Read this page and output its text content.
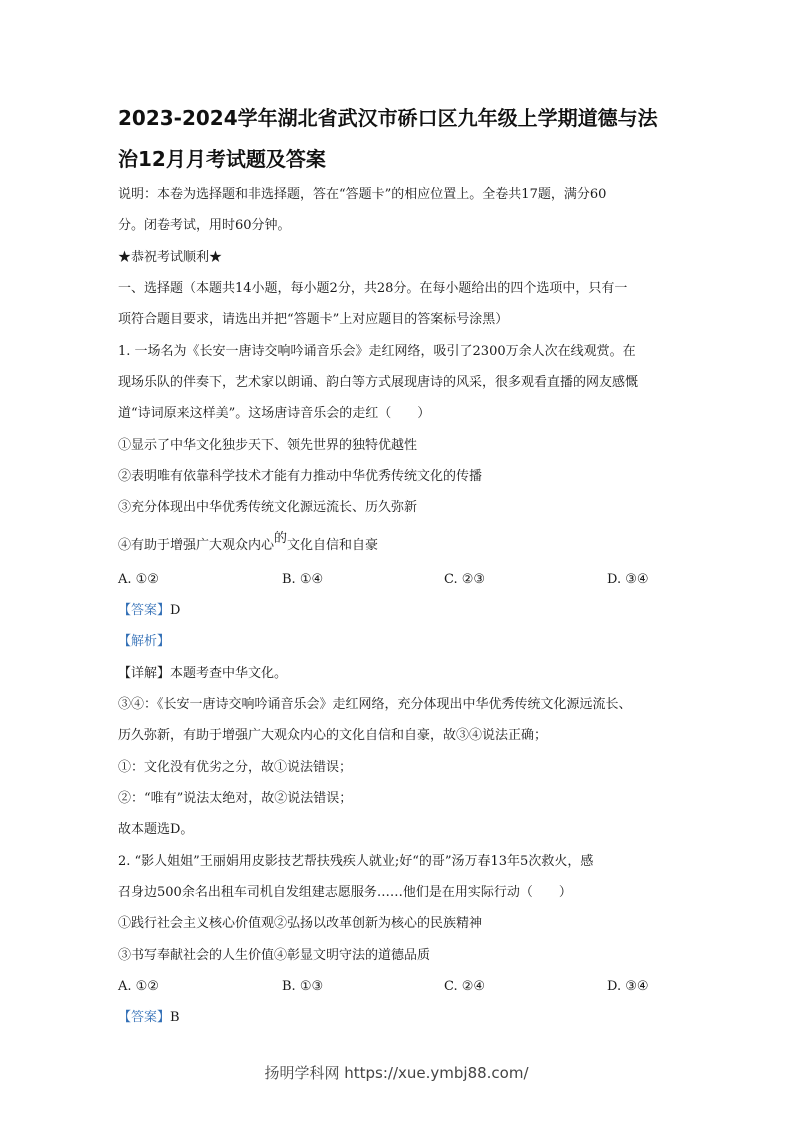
2023-2024学年湖北省武汉市硚口区九年级上学期道德与法
治12月月考试题及答案
说明：本卷为选择题和非选择题，答在“答题卡”的相应位置上。全卷共17题，满分60
分。闭卷考试，用时60分钟。
★恭祝考试顺利★
一、选择题（本题共14小题，每小题2分，共28分。在每小题给出的四个选项中，只有一
项符合题目要求，请选出并把“答题卡”上对应题目的答案标号涂黑）
1. 一场名为《长安一唐诗交响吟诵音乐会》走红网络，吸引了2300万余人次在线观赏。在
现场乐队的伴奏下，艺术家以朗诵、韵白等方式展现唐诗的风采，很多观看直播的网友感慨
道“诗词原来这样美”。这场唐诗音乐会的走红（　　）
①显示了中华文化独步天下、领先世界的独特优越性
②表明唯有依靠科学技术才能有力推动中华优秀传统文化的传播
③充分体现出中华优秀传统文化源远流长、历久弥新
④有助于增强广大观众内心的文化自信和自豪
A. ①②	B. ①④	C. ②③	D. ③④
【答案】D
【解析】
【详解】本题考查中华文化。
③④：《长安一唐诗交响吟诵音乐会》走红网络，充分体现出中华优秀传统文化源远流长、
历久弥新，有助于增强广大观众内心的文化自信和自豪，故③④说法正确；
①：文化没有优劣之分，故①说法错误；
②：“唯有”说法太绝对，故②说法错误；
故本题选D。
2. “影人姐姐”王丽娟用皮影技艺帮扶残疾人就业;好“的哥”汤万春13年5次救火，感
召身边500余名出租车司机自发组建志愿服务……他们是在用实际行动（　　）
①践行社会主义核心价值观②弘扬以改革创新为核心的民族精神
③书写奉献社会的人生价值④彰显文明守法的道德品质
A. ①②	B. ①③	C. ②④	D. ③④
【答案】B
扬明学科网 https://xue.ymbj88.com/
